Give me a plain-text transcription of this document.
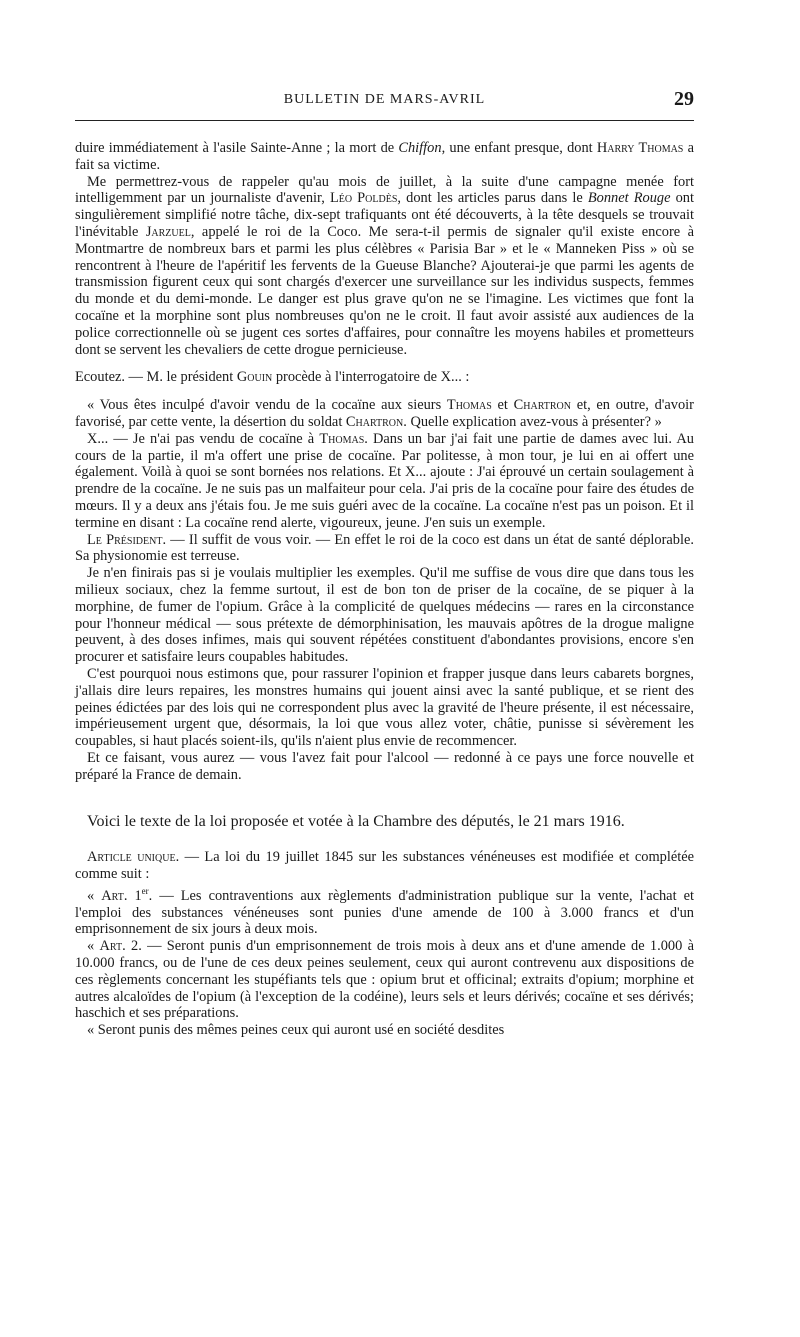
BULLETIN DE MARS-AVRIL	29

duire immédiatement à l'asile Sainte-Anne ; la mort de Chiffon, une enfant presque, dont Harry Thomas a fait sa victime.

Me permettrez-vous de rappeler qu'au mois de juillet, à la suite d'une campagne menée fort intelligemment par un journaliste d'avenir, Léo Poldès, dont les articles parus dans le Bonnet Rouge ont singulièrement simplifié notre tâche, dix-sept trafiquants ont été découverts, à la tête desquels se trouvait l'inévitable Jarzuel, appelé le roi de la Coco. Me sera-t-il permis de signaler qu'il existe encore à Montmartre de nombreux bars et parmi les plus célèbres « Parisia Bar » et le « Manneken Piss » où se rencontrent à l'heure de l'apéritif les fervents de la Gueuse Blanche? Ajouterai-je que parmi les agents de transmission figurent ceux qui sont chargés d'exercer une surveillance sur les individus suspects, femmes du monde et du demi-monde. Le danger est plus grave qu'on ne se l'imagine. Les victimes que font la cocaïne et la morphine sont plus nombreuses qu'on ne le croit. Il faut avoir assisté aux audiences de la police correctionnelle où se jugent ces sortes d'affaires, pour connaître les moyens habiles et prometteurs dont se servent les chevaliers de cette drogue pernicieuse.

Ecoutez. — M. le président Gouin procède à l'interrogatoire de X... :

« Vous êtes inculpé d'avoir vendu de la cocaïne aux sieurs Thomas et Chartron et, en outre, d'avoir favorisé, par cette vente, la désertion du soldat Chartron. Quelle explication avez-vous à présenter? »

X... — Je n'ai pas vendu de cocaïne à Thomas. Dans un bar j'ai fait une partie de dames avec lui. Au cours de la partie, il m'a offert une prise de cocaïne. Par politesse, à mon tour, je lui en ai offert une également. Voilà à quoi se sont bornées nos relations. Et X... ajoute : J'ai éprouvé un certain soulagement à prendre de la cocaïne. Je ne suis pas un malfaiteur pour cela. J'ai pris de la cocaïne pour faire des études de mœurs. Il y a deux ans j'étais fou. Je me suis guéri avec de la cocaïne. La cocaïne n'est pas un poison. Et il termine en disant : La cocaïne rend alerte, vigoureux, jeune. J'en suis un exemple.

Le Président. — Il suffit de vous voir. — En effet le roi de la coco est dans un état de santé déplorable. Sa physionomie est terreuse.

Je n'en finirais pas si je voulais multiplier les exemples. Qu'il me suffise de vous dire que dans tous les milieux sociaux, chez la femme surtout, il est de bon ton de priser de la cocaïne, de se piquer à la morphine, de fumer de l'opium. Grâce à la complicité de quelques médecins — rares en la circonstance pour l'honneur médical — sous prétexte de démorphinisation, les mauvais apôtres de la drogue maligne peuvent, à des doses infimes, mais qui souvent répétées constituent d'abondantes provisions, encore s'en procurer et satisfaire leurs coupables habitudes.

C'est pourquoi nous estimons que, pour rassurer l'opinion et frapper jusque dans leurs cabarets borgnes, j'allais dire leurs repaires, les monstres humains qui jouent ainsi avec la santé publique, et se rient des peines édictées par des lois qui ne correspondent plus avec la gravité de l'heure présente, il est nécessaire, impérieusement urgent que, désormais, la loi que vous allez voter, châtie, punisse si sévèrement les coupables, si haut placés soient-ils, qu'ils n'aient plus envie de recommencer.

Et ce faisant, vous aurez — vous l'avez fait pour l'alcool — redonné à ce pays une force nouvelle et préparé la France de demain.

Voici le texte de la loi proposée et votée à la Chambre des députés, le 21 mars 1916.

Article unique. — La loi du 19 juillet 1845 sur les substances vénéneuses est modifiée et complétée comme suit :

« Art. 1er. — Les contraventions aux règlements d'administration publique sur la vente, l'achat et l'emploi des substances vénéneuses sont punies d'une amende de 100 à 3.000 francs et d'un emprisonnement de six jours à deux mois.

« Art. 2. — Seront punis d'un emprisonnement de trois mois à deux ans et d'une amende de 1.000 à 10.000 francs, ou de l'une de ces deux peines seulement, ceux qui auront contrevenu aux dispositions de ces règlements concernant les stupéfiants tels que : opium brut et officinal; extraits d'opium; morphine et autres alcaloïdes de l'opium (à l'exception de la codéine), leurs sels et leurs dérivés; cocaïne et ses dérivés; haschich et ses préparations.

« Seront punis des mêmes peines ceux qui auront usé en société desdites
